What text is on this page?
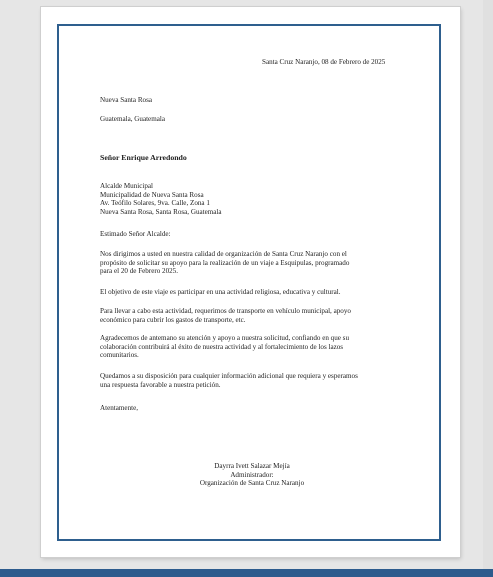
Santa Cruz Naranjo, 08 de Febrero de 2025
Nueva Santa Rosa
Guatemala, Guatemala
Señor Enrique Arredondo
Alcalde Municipal
Municipalidad de Nueva Santa Rosa
Av. Teófilo Solares, 9va. Calle, Zona 1
Nueva Santa Rosa, Santa Rosa, Guatemala
Estimado Señor Alcalde:
Nos dirigimos a usted en nuestra calidad de organización de Santa Cruz Naranjo con el
propósito de solicitar su apoyo para la realización de un viaje a Esquipulas, programado
para el 20 de Febrero 2025.
El objetivo de este viaje es participar en una actividad religiosa, educativa y cultural.
Para llevar a cabo esta actividad, requerimos de transporte en vehículo municipal, apoyo
económico para cubrir los gastos de transporte, etc.
Agradecemos de antemano su atención y apoyo a nuestra solicitud, confiando en que su
colaboración contribuirá al éxito de nuestra actividad y al fortalecimiento de los lazos
comunitarios.
Quedamos a su disposición para cualquier información adicional que requiera y esperamos
una respuesta favorable a nuestra petición.
Atentamente,
Dayrra Ivett Salazar Mejía
Administrador:
Organización de Santa Cruz Naranjo
